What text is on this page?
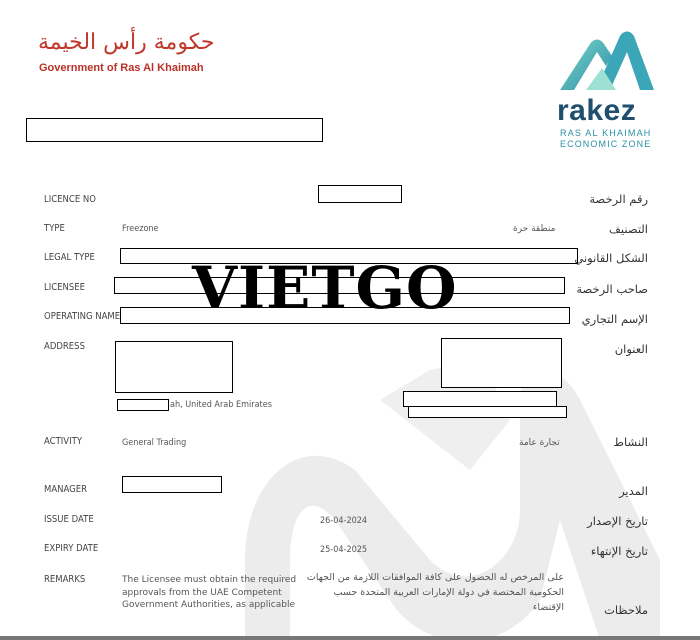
حكومة رأس الخيمة
Government of Ras Al Khaimah
rakez
RAS AL KHAIMAH
ECONOMIC ZONE
VIETGO
LICENCE NO
TYPE
LEGAL TYPE
LICENSEE
OPERATING NAME
ADDRESS
ACTIVITY
MANAGER
ISSUE DATE
EXPIRY DATE
REMARKS
رقم الرخصة
التصنيف
الشكل القانوني
صاحب الرخصة
الإسم التجاري
العنوان
النشاط
المدير
تاريخ الإصدار
تاريخ الإنتهاء
ملاحظات
Freezone	منطقة حرة
ah, United Arab Emirates
General Trading	تجارة عامة
26-04-2024
25-04-2025
The Licensee must obtain the required approvals from the UAE Competent Government Authorities, as applicable
على المرخص له الحصول على كافة الموافقات اللازمة من الجهات الحكومية المختصة في دولة الإمارات العربية المتحدة حسب الإقتضاء
